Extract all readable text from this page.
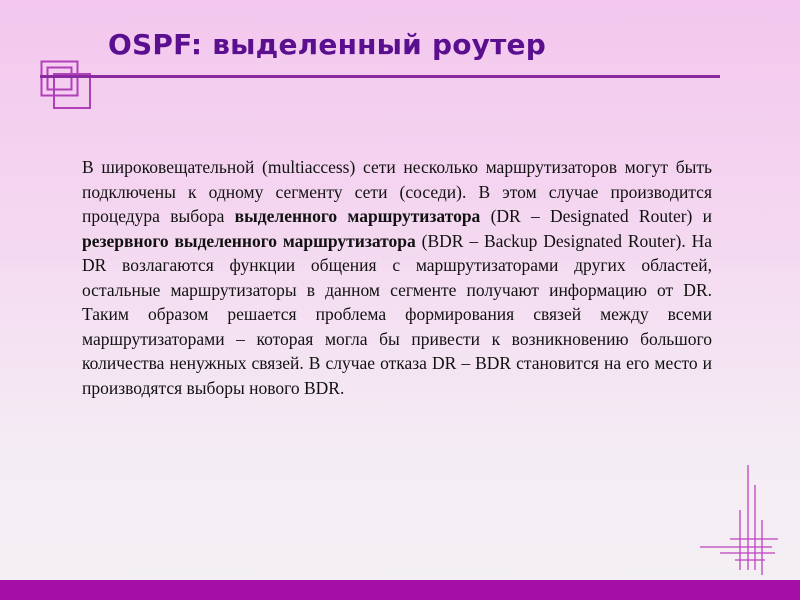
OSPF: выделенный роутер

В широковещательной (multiaccess) сети несколько маршрутизаторов могут быть подключены к одному сегменту сети (соседи). В этом случае производится процедура выбора выделенного маршрутизатора (DR – Designated Router) и резервного выделенного маршрутизатора (BDR – Backup Designated Router). На DR возлагаются функции общения с маршрутизаторами других областей, остальные маршрутизаторы в данном сегменте получают информацию от DR. Таким образом решается проблема формирования связей между всеми маршрутизаторами – которая могла бы привести к возникновению большого количества ненужных связей. В случае отказа DR – BDR становится на его место и производятся выборы нового BDR.
